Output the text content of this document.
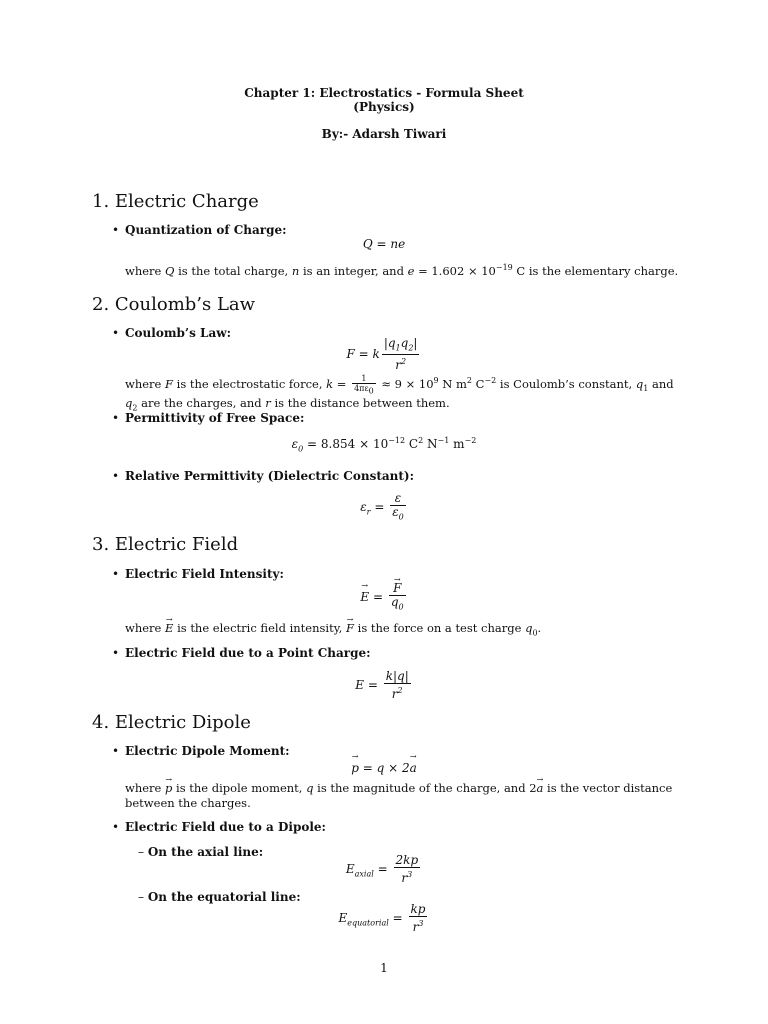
Chapter 1: Electrostatics - Formula Sheet
(Physics)
By:- Adarsh Tiwari
1. Electric Charge
• Quantization of Charge:
Q = ne
where Q is the total charge, n is an integer, and $e = 1.602 \times 10^{-19}$ C is the elementary charge.
2. Coulomb’s Law
• Coulomb’s Law:
F = k $\frac{|q_1q_2|}{r^2}$
where F is the electrostatic force, $k = \frac{1}{4\pi\varepsilon_0} \approx 9 \times 10^9$ N $m^2$ $C^{-2}$ is Coulomb’s constant, $q_1$ and $q_2$ are the charges, and r is the distance between them.
• Permittivity of Free Space:
$\varepsilon_0 = 8.854 \times 10^{-12}$ $C^2$ $N^{-1}$ $m^{-2}$
• Relative Permittivity (Dielectric Constant):
$\varepsilon_r = \frac{\varepsilon}{\varepsilon_0}$
3. Electric Field
• Electric Field Intensity:
→ E =
→ $\frac{F}{q_0}$
where → E is the electric field intensity, → F is the force on a test charge $q_0$.
• Electric Field due to a Point Charge:
$E = \frac{k|q|}{r^2}$
4. Electric Dipole
• Electric Dipole Moment:
→ p = q × 2→ a
where → p is the dipole moment, q is the magnitude of the charge, and 2→ a is the vector distance between the charges.
• Electric Field due to a Dipole:
– On the axial line:
$E_{axial} = \frac{2kp}{r^3}$
– On the equatorial line:
$E_{equatorial} = \frac{kp}{r^3}$
1
